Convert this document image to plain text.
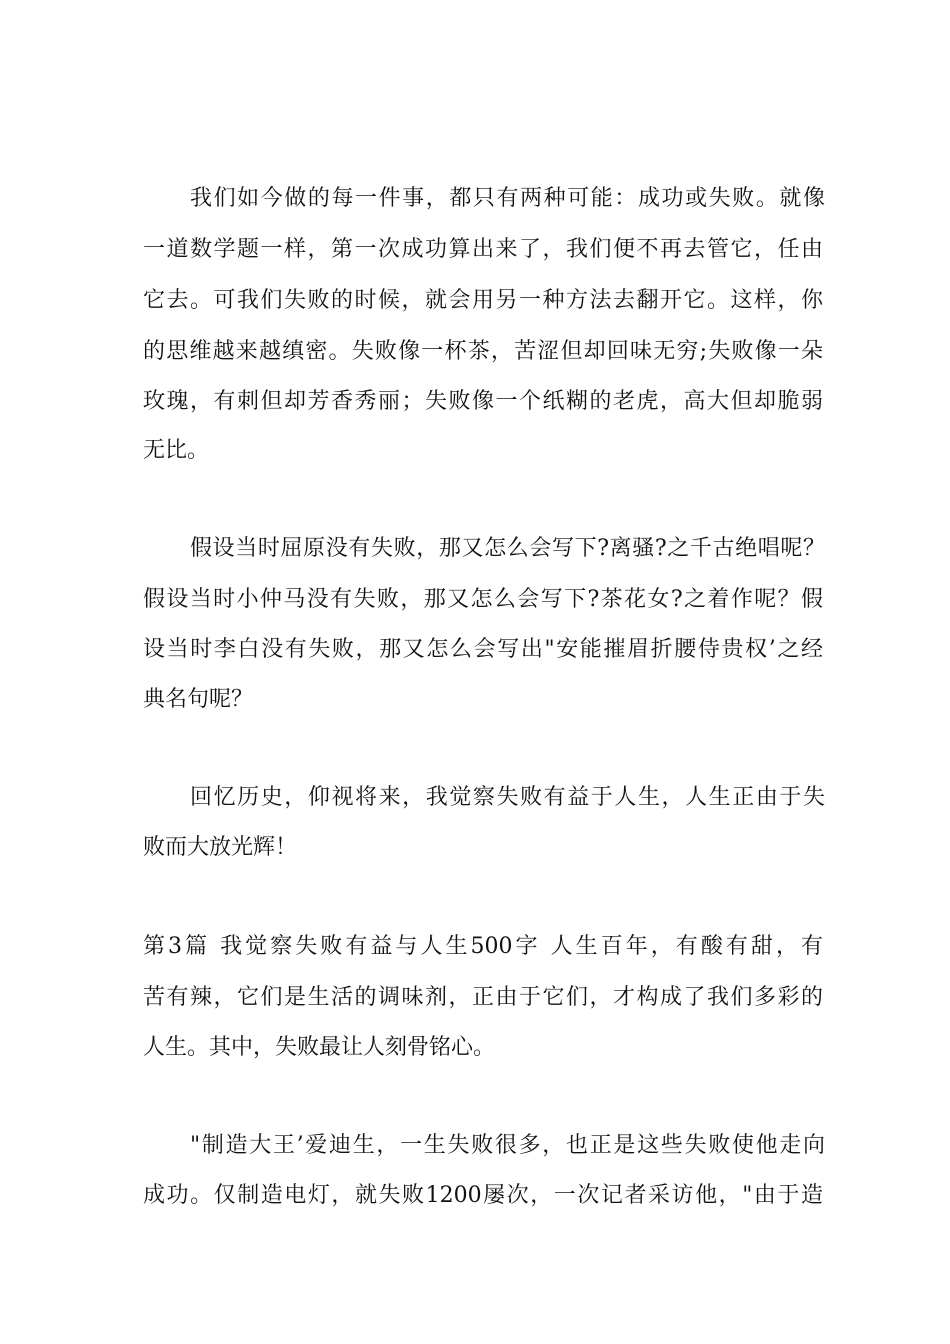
我们如今做的每一件事，都只有两种可能：成功或失败。就像
一道数学题一样，第一次成功算出来了，我们便不再去管它，任由
它去。可我们失败的时候，就会用另一种方法去翻开它。这样，你
的思维越来越缜密。失败像一杯茶，苦涩但却回味无穷;失败像一朵
玫瑰，有刺但却芳香秀丽；失败像一个纸糊的老虎，高大但却脆弱
无比。
假设当时屈原没有失败，那又怎么会写下?离骚?之千古绝唱呢？
假设当时小仲马没有失败，那又怎么会写下?茶花女?之着作呢？假
设当时李白没有失败，那又怎么会写出"安能摧眉折腰侍贵权’之经
典名句呢？
回忆历史，仰视将来，我觉察失败有益于人生，人生正由于失
败而大放光辉！
第3篇 我觉察失败有益与人生500字 人生百年，有酸有甜，有
苦有辣，它们是生活的调味剂，正由于它们，才构成了我们多彩的
人生。其中，失败最让人刻骨铭心。
"制造大王’爱迪生，一生失败很多，也正是这些失败使他走向
成功。仅制造电灯，就失败1200屡次，一次记者采访他，"由于造
